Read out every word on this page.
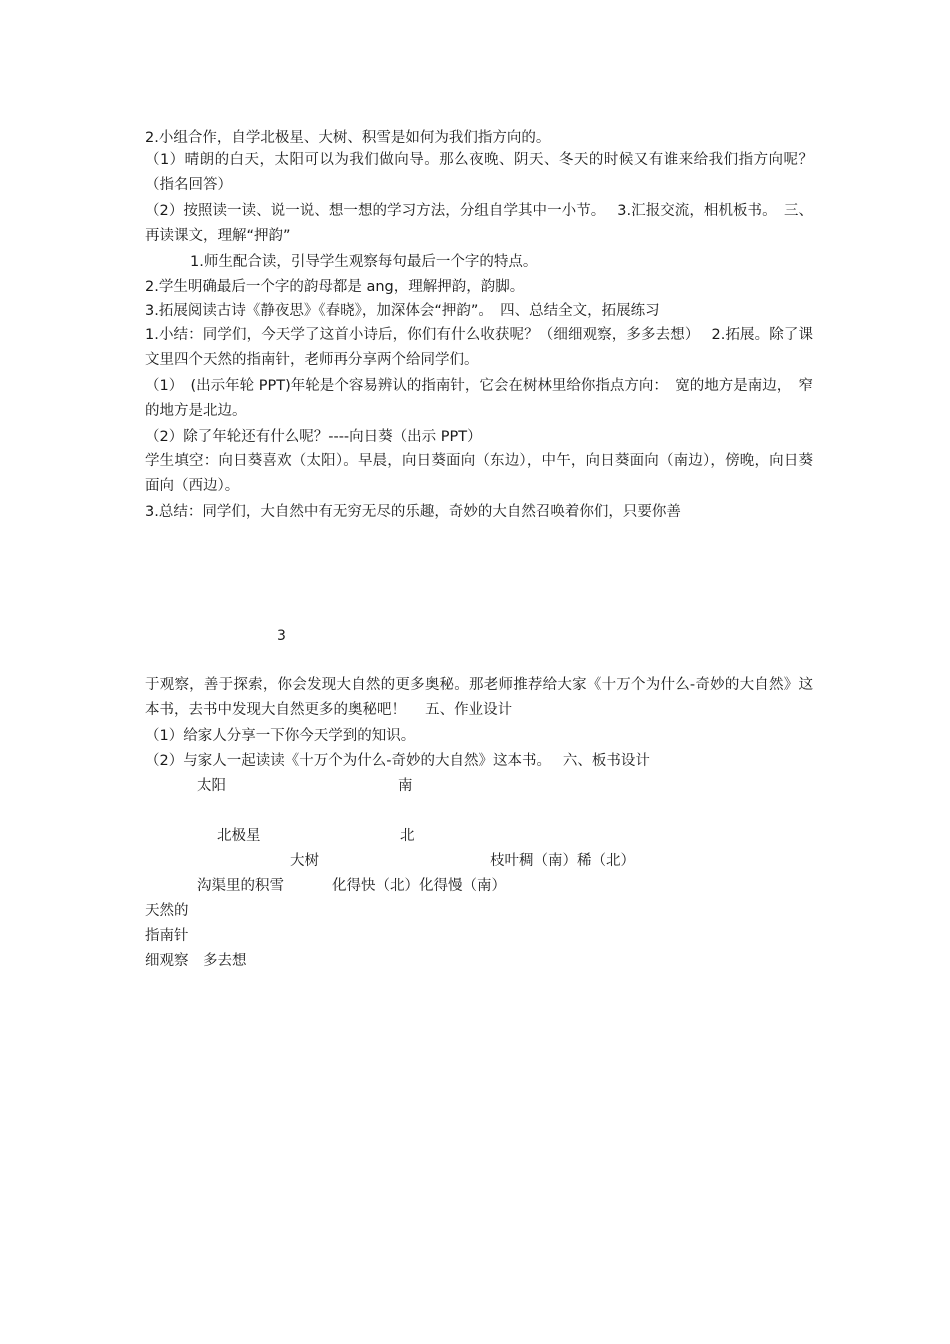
2.小组合作，自学北极星、大树、积雪是如何为我们指方向的。
（1）晴朗的白天，太阳可以为我们做向导。那么夜晚、阴天、冬天的时候又有谁来给我们指方向呢？（指名回答）
（2）按照读一读、说一说、想一想的学习方法，分组自学其中一小节。　 3.汇报交流，相机板书。　三、再读课文，理解“押韵”
1.师生配合读，引导学生观察每句最后一个字的特点。
2.学生明确最后一个字的韵母都是 ang，理解押韵，韵脚。
3.拓展阅读古诗《静夜思》《春晓》，加深体会“押韵”。　四、总结全文，拓展练习
1.小结：同学们，今天学了这首小诗后，你们有什么收获呢？（细细观察，多多去想）　 2.拓展。除了课文里四个天然的指南针，老师再分享两个给同学们。
（1）　(出示年轮 PPT)年轮是个容易辨认的指南针，它会在树林里给你指点方向：　宽的地方是南边，　窄的地方是北边。
（2）除了年轮还有什么呢？----向日葵（出示 PPT）
学生填空：向日葵喜欢（太阳）。早晨，向日葵面向（东边），中午，向日葵面向（南边），傍晚，向日葵面向（西边）。
3.总结：同学们，大自然中有无穷无尽的乐趣，奇妙的大自然召唤着你们，只要你善
3
于观察，善于探索，你会发现大自然的更多奥秘。那老师推荐给大家《十万个为什么-奇妙的大自然》这本书，去书中发现大自然更多的奥秘吧！　 五、作业设计
（1）给家人分享一下你今天学到的知识。
（2）与家人一起读读《十万个为什么-奇妙的大自然》这本书。　 六、板书设计
太阳	南
北极星	北
大树	枝叶稠（南）稀（北）
沟渠里的积雪	化得快（北）化得慢（南）
天然的
指南针
细观察　多去想
